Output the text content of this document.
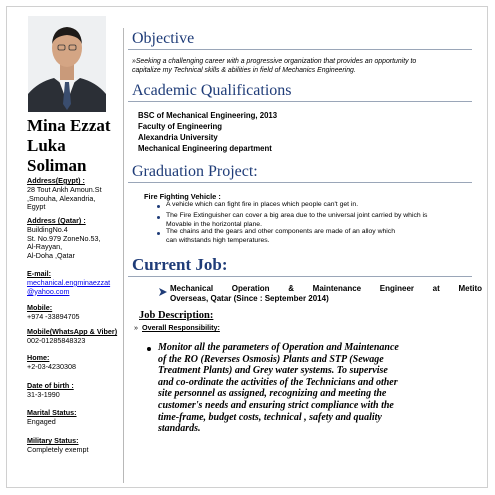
Mina Ezzat
Luka
Soliman
Address(Egypt) :
28 Tout Ankh Amoun.St
,Smouha, Alexandria,
Egypt
Address (Qatar) :
BuildingNo.4
St. No.979 ZoneNo.53,
Al-Rayyan,
Al-Doha ,Qatar
E-mail:
mechanical.engminaezzat
@yahoo.com
Mobile:
+974 -33894705
Mobile(WhatsApp & Viber)
002-01285848323
Home:
+2-03-4230308
Date of birth :
31-3-1990
Marital Status:
Engaged
Military Status:
Completely exempt
Objective
»Seeking a challenging career with a progressive organization that provides an opportunity to
capitalize my Technical skills & abilities in field of Mechanics Engineering.
Academic Qualifications
BSC of Mechanical Engineering, 2013
Faculty of Engineering
Alexandria University
Mechanical Engineering department
Graduation Project:
Fire Fighting Vehicle :
A vehicle which can fight fire in places which people can't get in.
The Fire Extinguisher can cover a big area due to the universal joint carried by which is
Movable in the horizontal plane.
The chains and the gears and other components are made of an alloy which
can withstands high temperatures.
Current Job:
Mechanical Operation & Maintenance Engineer at Metito
Overseas, Qatar (Since : September 2014)
Job Description:
» Overall Responsibility:
Monitor all the parameters of Operation and Maintenance
of the RO (Reverses Osmosis) Plants and STP (Sewage
Treatment Plants) and Grey water systems. To supervise
and co-ordinate the activities of the Technicians and other
site personnel as assigned, recognizing and meeting the
customer's needs and ensuring strict compliance with the
time-frame, budget costs, technical , safety and quality
standards.
